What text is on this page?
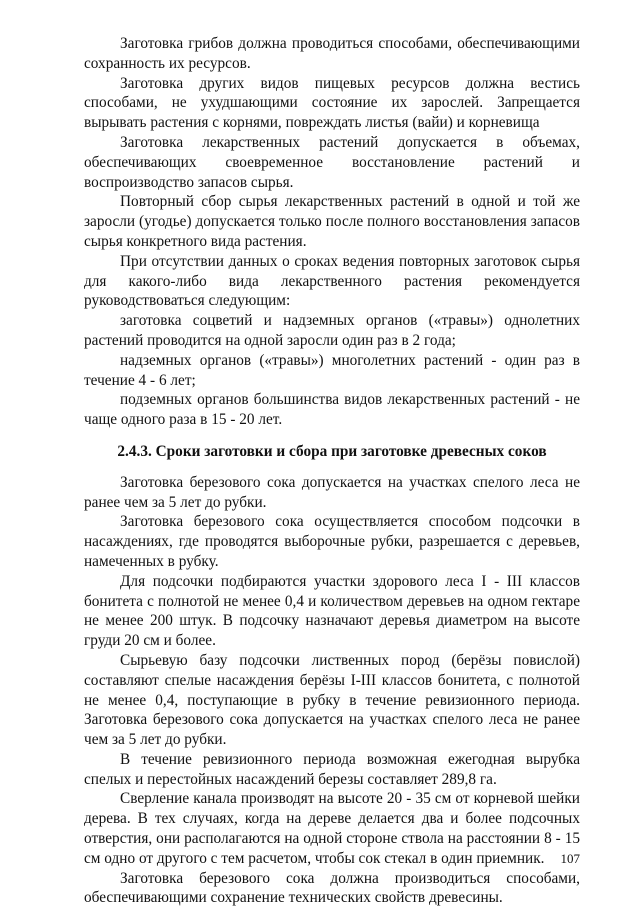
Заготовка грибов должна проводиться способами, обеспечивающими сохранность их ресурсов.

Заготовка других видов пищевых ресурсов должна вестись способами, не ухудшающими состояние их зарослей. Запрещается вырывать растения с корнями, повреждать листья (вайи) и корневища

Заготовка лекарственных растений допускается в объемах, обеспечивающих своевременное восстановление растений и воспроизводство запасов сырья.

Повторный сбор сырья лекарственных растений в одной и той же заросли (угодье) допускается только после полного восстановления запасов сырья конкретного вида растения.

При отсутствии данных о сроках ведения повторных заготовок сырья для какого-либо вида лекарственного растения рекомендуется руководствоваться следующим:

заготовка соцветий и надземных органов («травы») однолетних растений проводится на одной заросли один раз в 2 года;

надземных органов («травы») многолетних растений - один раз в течение 4 - 6 лет;

подземных органов большинства видов лекарственных растений - не чаще одного раза в 15 - 20 лет.

2.4.3. Сроки заготовки и сбора при заготовке древесных соков

Заготовка березового сока допускается на участках спелого леса не ранее чем за 5 лет до рубки.

Заготовка березового сока осуществляется способом подсочки в насаждениях, где проводятся выборочные рубки, разрешается с деревьев, намеченных в рубку.

Для подсочки подбираются участки здорового леса I - III классов бонитета с полнотой не менее 0,4 и количеством деревьев на одном гектаре не менее 200 штук. В подсочку назначают деревья диаметром на высоте груди 20 см и более.

Сырьевую базу подсочки лиственных пород (берёзы повислой) составляют спелые насаждения берёзы I-III классов бонитета, с полнотой не менее 0,4, поступающие в рубку в течение ревизионного периода. Заготовка березового сока допускается на участках спелого леса не ранее чем за 5 лет до рубки.

В течение ревизионного периода возможная ежегодная вырубка спелых и перестойных насаждений березы составляет 289,8 га.

Сверление канала производят на высоте 20 - 35 см от корневой шейки дерева. В тех случаях, когда на дереве делается два и более подсочных отверстия, они располагаются на одной стороне ствола на расстоянии 8 - 15 см одно от другого с тем расчетом, чтобы сок стекал в один приемник.

Заготовка березового сока должна производиться способами, обеспечивающими сохранение технических свойств древесины.

107
